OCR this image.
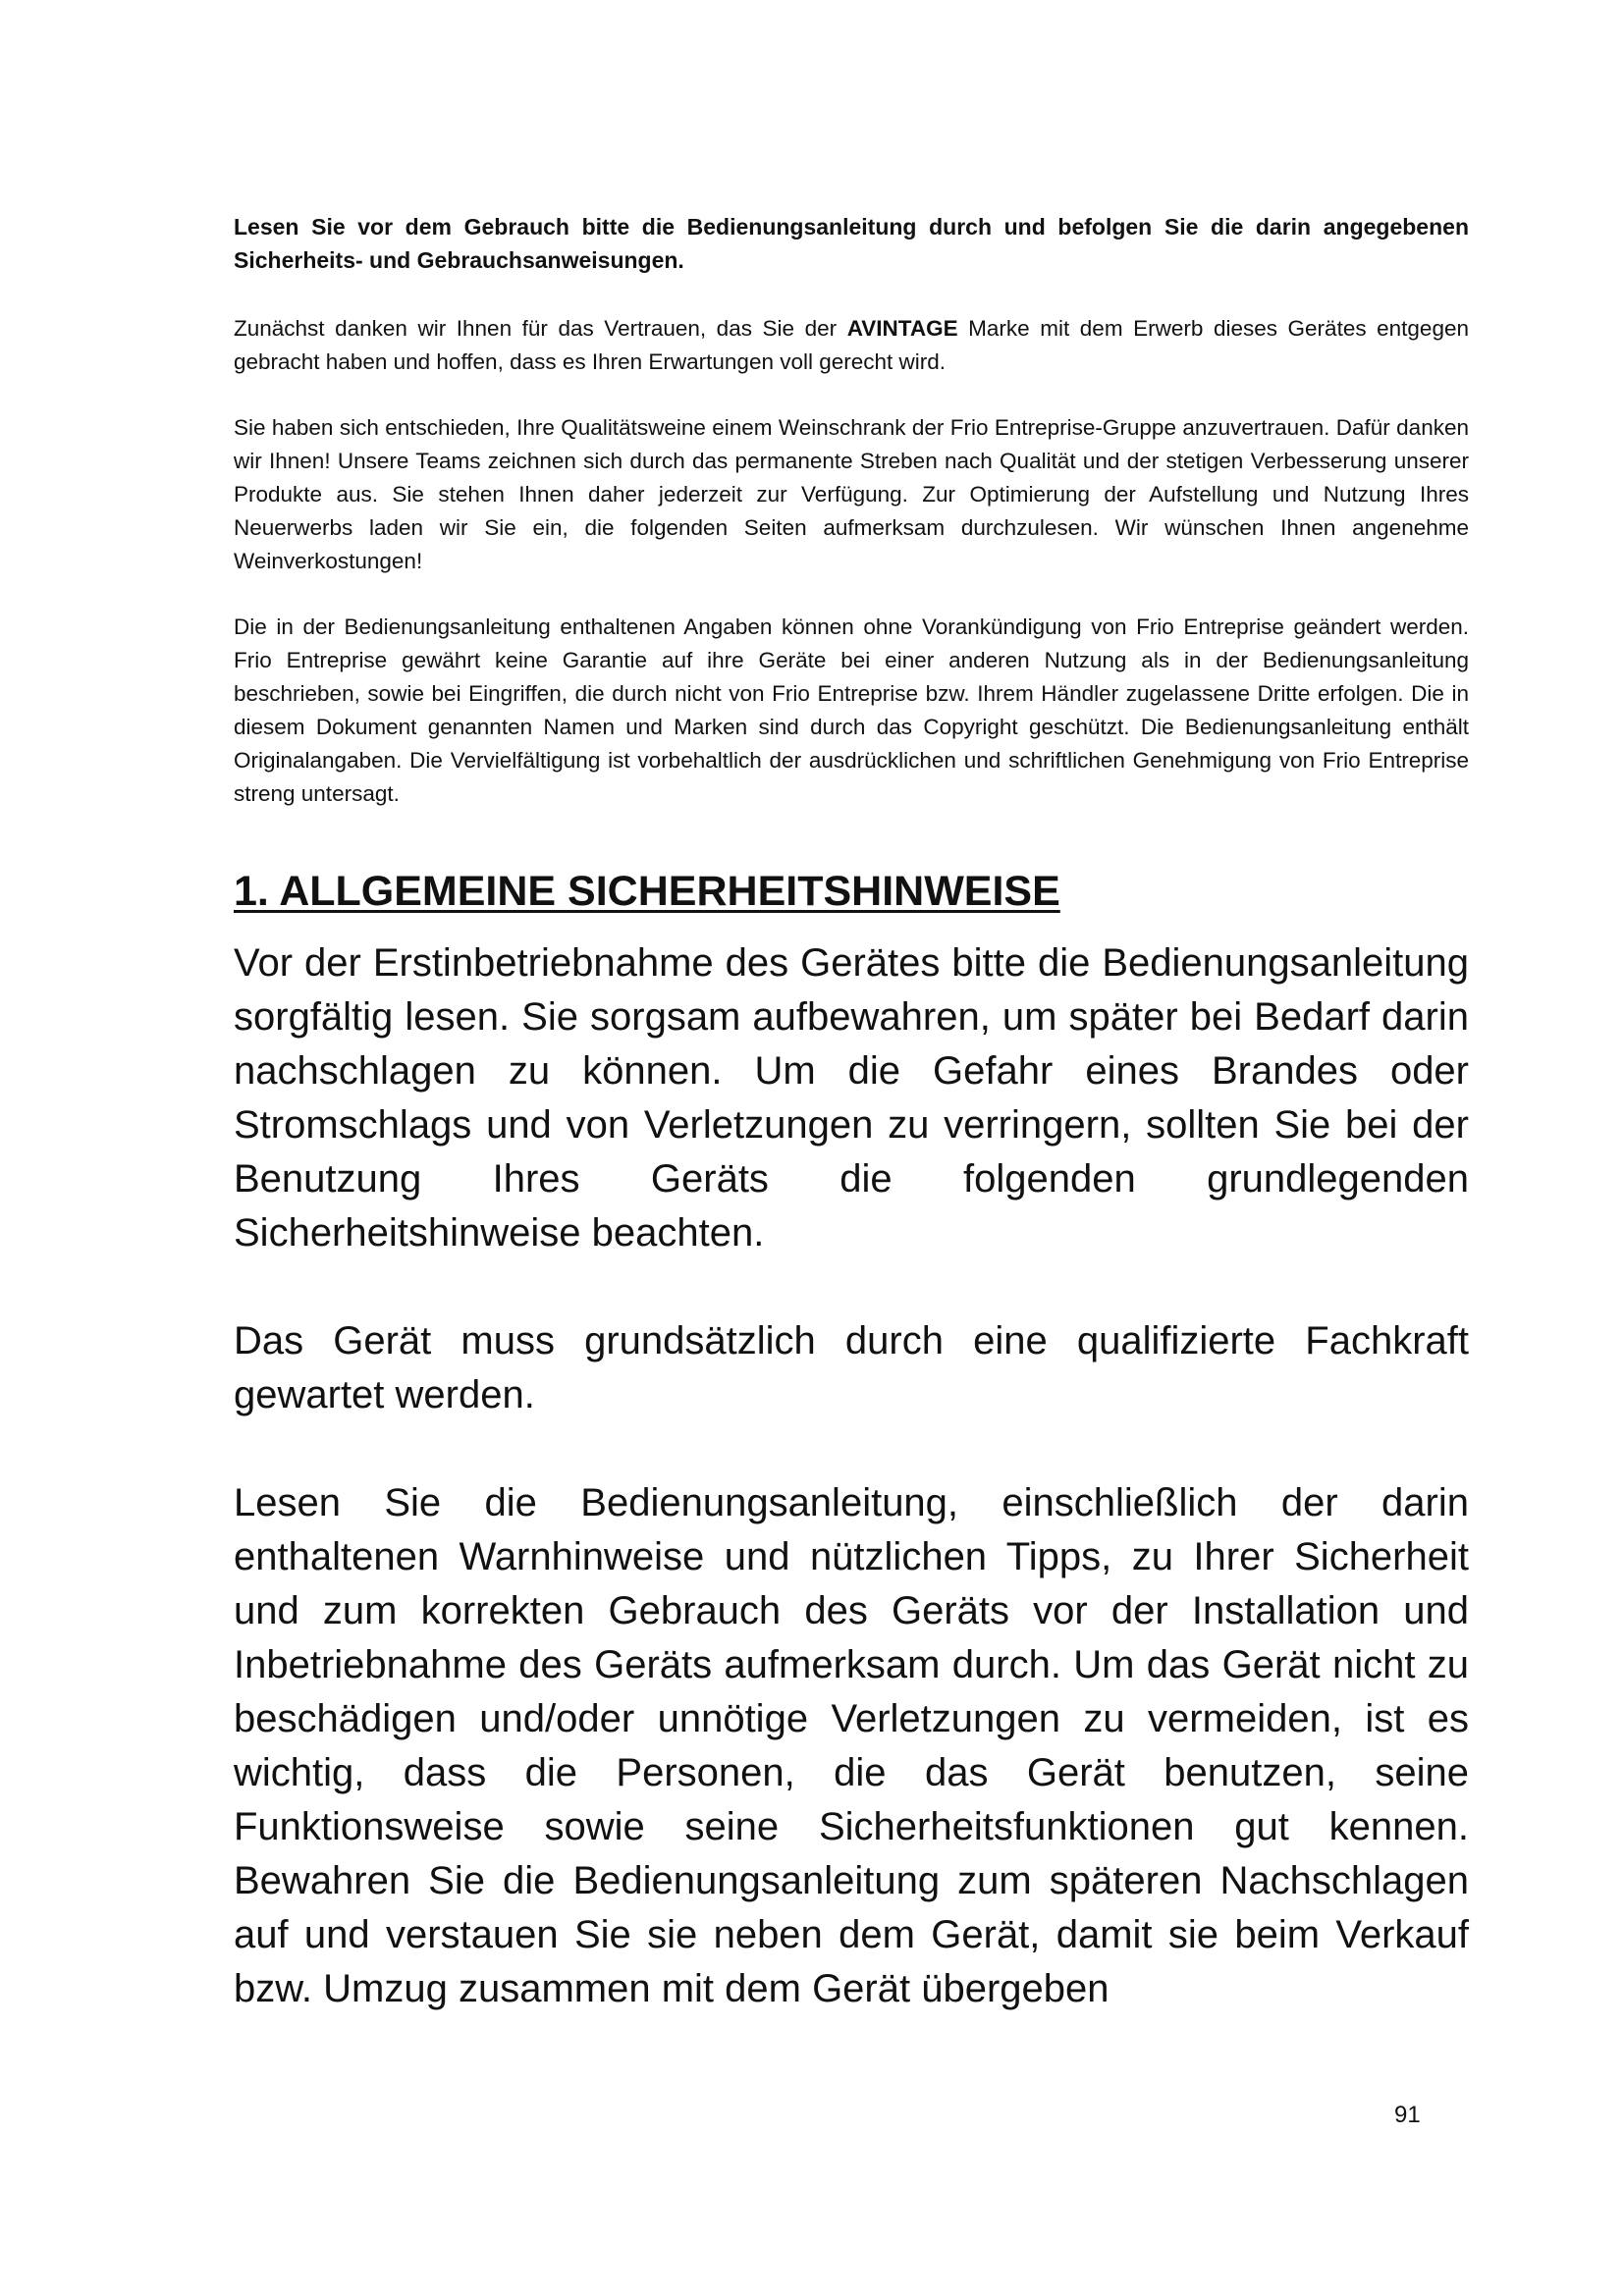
Lesen Sie vor dem Gebrauch bitte die Bedienungsanleitung durch und befolgen Sie die darin angegebenen Sicherheits- und Gebrauchsanweisungen.

Zunächst danken wir Ihnen für das Vertrauen, das Sie der AVINTAGE Marke mit dem Erwerb dieses Gerätes entgegen gebracht haben und hoffen, dass es Ihren Erwartungen voll gerecht wird.

Sie haben sich entschieden, Ihre Qualitätsweine einem Weinschrank der Frio Entreprise-Gruppe anzuvertrauen. Dafür danken wir Ihnen! Unsere Teams zeichnen sich durch das permanente Streben nach Qualität und der stetigen Verbesserung unserer Produkte aus. Sie stehen Ihnen daher jederzeit zur Verfügung. Zur Optimierung der Aufstellung und Nutzung Ihres Neuerwerbs laden wir Sie ein, die folgenden Seiten aufmerksam durchzulesen. Wir wünschen Ihnen angenehme Weinverkostungen!

Die in der Bedienungsanleitung enthaltenen Angaben können ohne Vorankündigung von Frio Entreprise geändert werden. Frio Entreprise gewährt keine Garantie auf ihre Geräte bei einer anderen Nutzung als in der Bedienungsanleitung beschrieben, sowie bei Eingriffen, die durch nicht von Frio Entreprise bzw. Ihrem Händler zugelassene Dritte erfolgen. Die in diesem Dokument genannten Namen und Marken sind durch das Copyright geschützt. Die Bedienungsanleitung enthält Originalangaben. Die Vervielfältigung ist vorbehaltlich der ausdrücklichen und schriftlichen Genehmigung von Frio Entreprise streng untersagt.

1. ALLGEMEINE SICHERHEITSHINWEISE

Vor der Erstinbetriebnahme des Gerätes bitte die Bedienungsanleitung sorgfältig lesen. Sie sorgsam aufbewahren, um später bei Bedarf darin nachschlagen zu können. Um die Gefahr eines Brandes oder Stromschlags und von Verletzungen zu verringern, sollten Sie bei der Benutzung Ihres Geräts die folgenden grundlegenden Sicherheitshinweise beachten.

Das Gerät muss grundsätzlich durch eine qualifizierte Fachkraft gewartet werden.

Lesen Sie die Bedienungsanleitung, einschließlich der darin enthaltenen Warnhinweise und nützlichen Tipps, zu Ihrer Sicherheit und zum korrekten Gebrauch des Geräts vor der Installation und Inbetriebnahme des Geräts aufmerksam durch. Um das Gerät nicht zu beschädigen und/oder unnötige Verletzungen zu vermeiden, ist es wichtig, dass die Personen, die das Gerät benutzen, seine Funktionsweise sowie seine Sicherheitsfunktionen gut kennen. Bewahren Sie die Bedienungsanleitung zum späteren Nachschlagen auf und verstauen Sie sie neben dem Gerät, damit sie beim Verkauf bzw. Umzug zusammen mit dem Gerät übergeben

91
